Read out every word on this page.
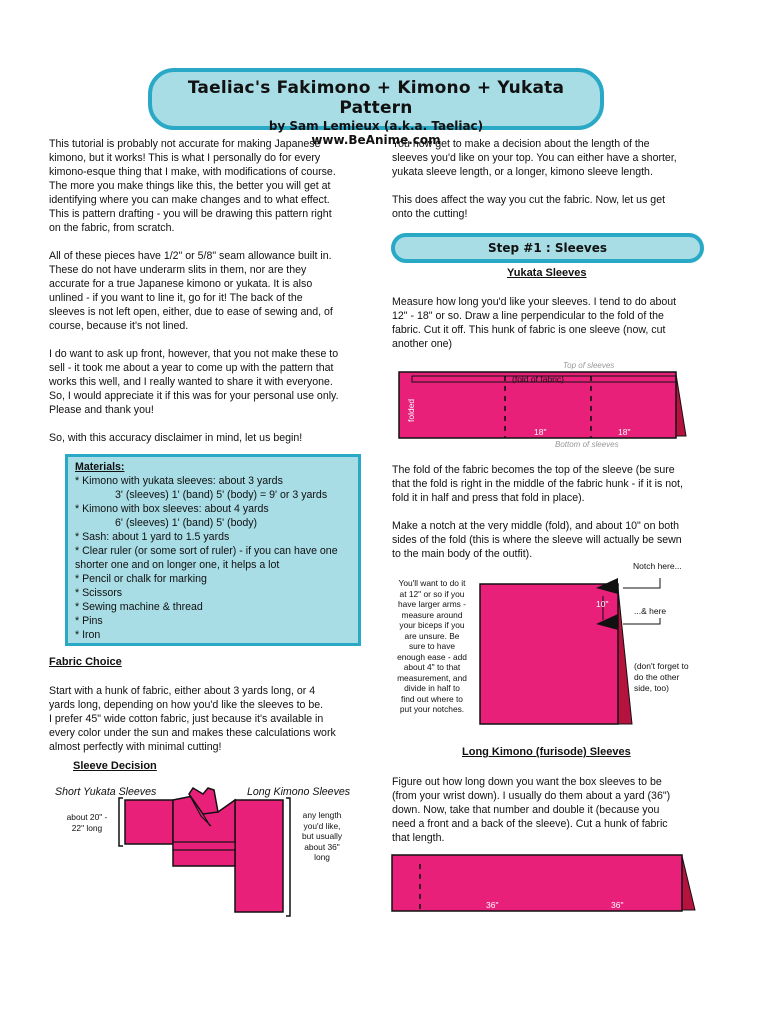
Taeliac's Fakimono + Kimono + Yukata Pattern
by Sam Lemieux (a.k.a. Taeliac)
www.BeAnime.com

This tutorial is probably not accurate for making Japanese

kimono, but it works! This is what I personally do for every

kimono-esque thing that I make, with modifications of course.

The more you make things like this, the better you will get at

identifying where you can make changes and to what effect.

This is pattern drafting - you will be drawing this pattern right

on the fabric, from scratch.

All of these pieces have 1/2" or 5/8" seam allowance built in.

These do not have underarm slits in them, nor are they

accurate for a true Japanese kimono or yukata. It is also

unlined - if you want to line it, go for it! The back of the

sleeves is not left open, either, due to ease of sewing and, of

course, because it's not lined.

I do want to ask up front, however, that you not make these to

sell - it took me about a year to come up with the pattern that

works this well, and I really wanted to share it with everyone.

So, I would appreciate it if this was for your personal use only.

Please and thank you!

So, with this accuracy disclaimer in mind, let us begin!
Materials:
* Kimono with yukata sleeves: about 3 yards
3' (sleeves) 1' (band) 5' (body) = 9' or 3 yards
* Kimono with box sleeves: about 4 yards
6' (sleeves) 1' (band) 5' (body)
* Sash: about 1 yard to 1.5 yards
* Clear ruler (or some sort of ruler) - if you can have one
shorter one and on longer one, it helps a lot
* Pencil or chalk for marking
* Scissors
* Sewing machine & thread
* Pins
* Iron
Fabric Choice

Start with a hunk of fabric, either about 3 yards long, or 4

yards long, depending on how you'd like the sleeves to be.

I prefer 45" wide cotton fabric, just because it's available in

every color under the sun and makes these calculations work

almost perfectly with minimal cutting!

Sleeve Decision
Short Yukata Sleeves	Long Kimono Sleeves
about 20" -
22" long
any length
you'd like,
but usually
about 36"
long

You now get to make a decision about the length of the

sleeves you'd like on your top. You can either have a shorter,

yukata sleeve length, or a longer, kimono sleeve length.

This does affect the way you cut the fabric. Now, let us get

onto the cutting!

Step #1 : Sleeves
Yukata Sleeves

Measure how long you'd like your sleeves. I tend to do about

12" - 18" or so. Draw a line perpendicular to the fold of the

fabric. Cut it off. This hunk of fabric is one sleeve (now, cut

another one)

Top of sleeves
(fold of fabric)
45" wide fabric folded
18"	18"
Bottom of sleeves

The fold of the fabric becomes the top of the sleeve (be sure

that the fold is right in the middle of the fabric hunk - if it is not,

fold it in half and press that fold in place).

Make a notch at the very middle (fold), and about 10" on both

sides of the fold (this is where the sleeve will actually be sewn

to the main body of the outfit).

You'll want to do it
at 12" or so if you
have larger arms -
measure around
your biceps if you
are unsure. Be
sure to have
enough ease - add
about 4" to that
measurement, and
divide in half to
find out where to
put your notches.
Notch here...
...& here
10"
(don't forget to
do the other
side, too)
Long Kimono (furisode) Sleeves

Figure out how long down you want the box sleeves to be

(from your wrist down). I usually do them about a yard (36")

down. Now, take that number and double it (because you

need a front and a back of the sleeve). Cut a hunk of fabric

that length.

36"	36"
